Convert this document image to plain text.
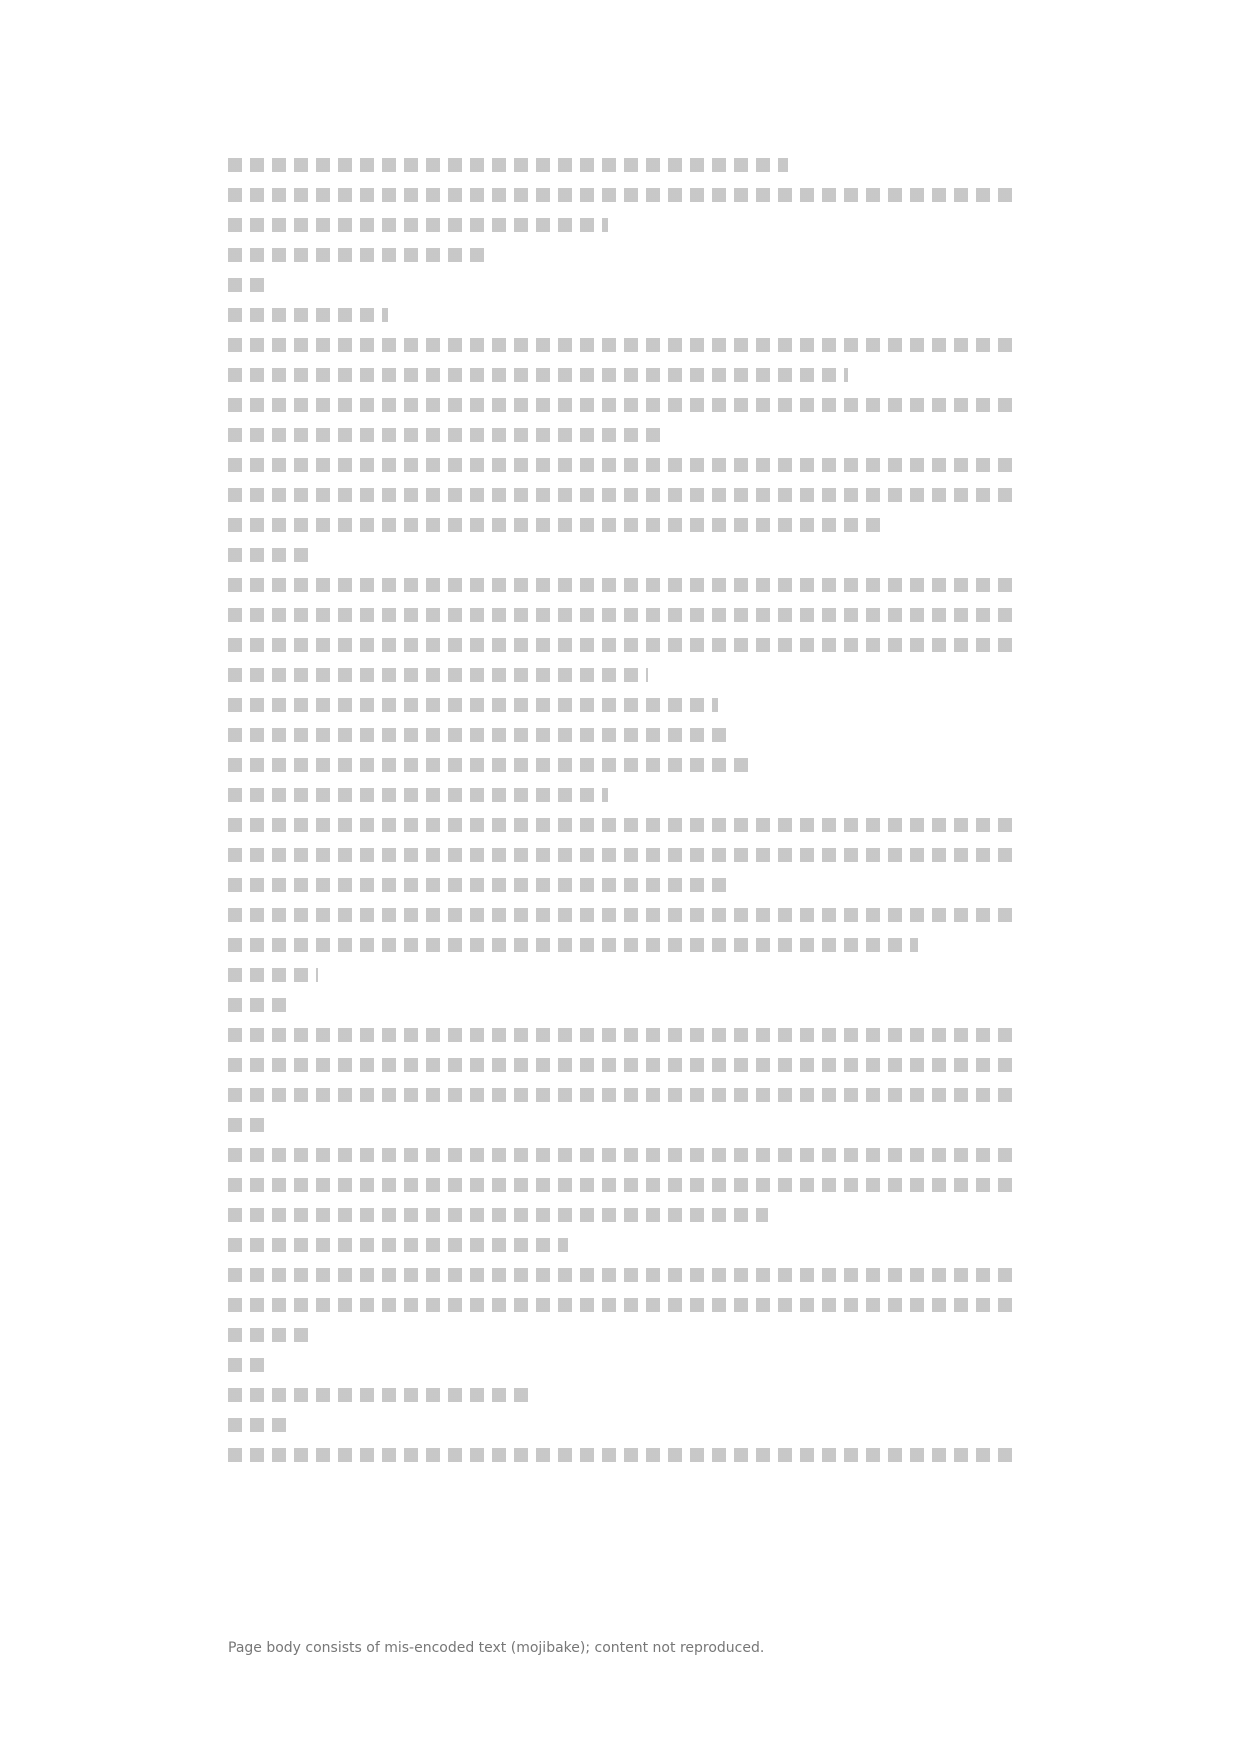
Page body consists of mis-encoded text (mojibake); content not reproduced.
